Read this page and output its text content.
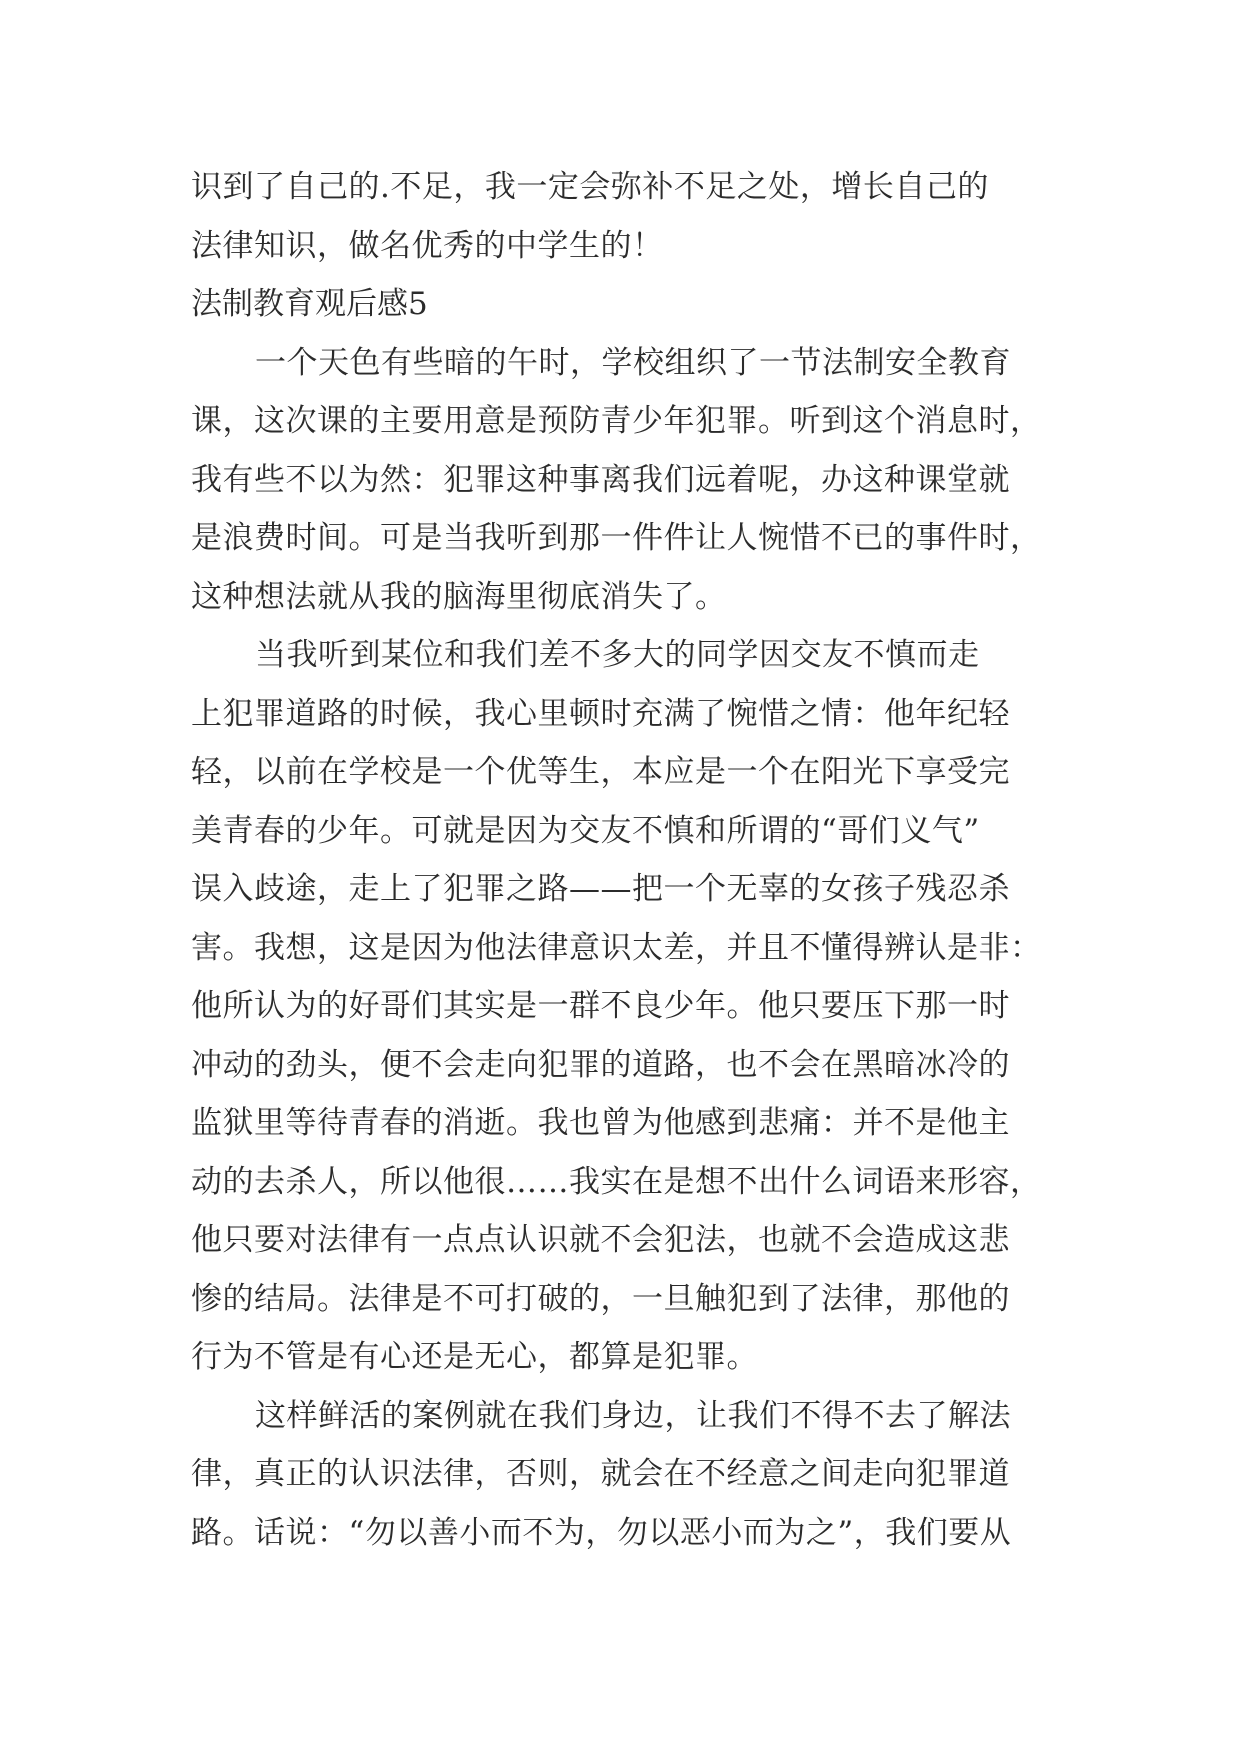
识到了自己的.不足，我一定会弥补不足之处，增长自己的
法律知识，做名优秀的中学生的！
法制教育观后感5
一个天色有些暗的午时，学校组织了一节法制安全教育
课，这次课的主要用意是预防青少年犯罪。听到这个消息时，
我有些不以为然：犯罪这种事离我们远着呢，办这种课堂就
是浪费时间。可是当我听到那一件件让人惋惜不已的事件时，
这种想法就从我的脑海里彻底消失了。
当我听到某位和我们差不多大的同学因交友不慎而走
上犯罪道路的时候，我心里顿时充满了惋惜之情：他年纪轻
轻，以前在学校是一个优等生，本应是一个在阳光下享受完
美青春的少年。可就是因为交友不慎和所谓的“哥们义气”
误入歧途，走上了犯罪之路——把一个无辜的女孩子残忍杀
害。我想，这是因为他法律意识太差，并且不懂得辨认是非：
他所认为的好哥们其实是一群不良少年。他只要压下那一时
冲动的劲头，便不会走向犯罪的道路，也不会在黑暗冰冷的
监狱里等待青春的消逝。我也曾为他感到悲痛：并不是他主
动的去杀人，所以他很……我实在是想不出什么词语来形容，
他只要对法律有一点点认识就不会犯法，也就不会造成这悲
惨的结局。法律是不可打破的，一旦触犯到了法律，那他的
行为不管是有心还是无心，都算是犯罪。
这样鲜活的案例就在我们身边，让我们不得不去了解法
律，真正的认识法律，否则，就会在不经意之间走向犯罪道
路。话说：“勿以善小而不为，勿以恶小而为之”，我们要从
